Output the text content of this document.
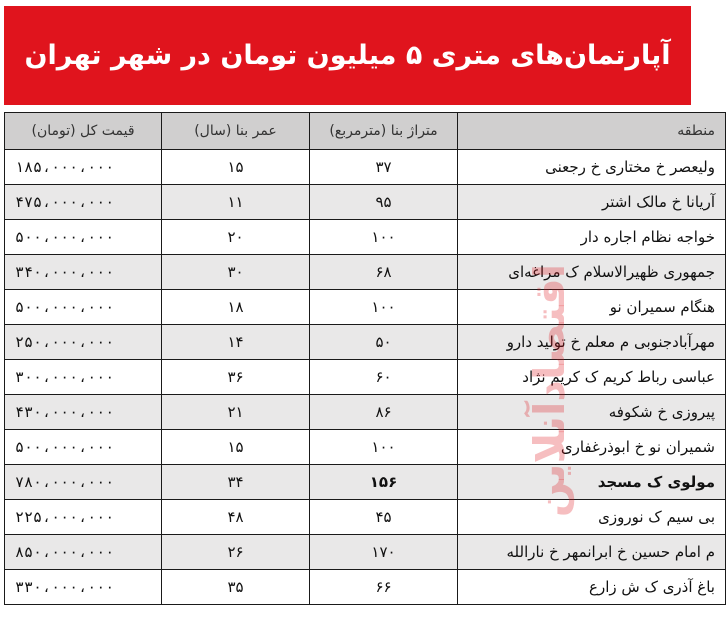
آپارتمان‌های متری ۵ میلیون تومان در شهر تهران
منطقه	متراژ بنا (مترمربع)	عمر بنا (سال)	قیمت کل (تومان)
ولیعصر خ مختاری خ رجعنی	۳۷	۱۵	۱۸۵،۰۰۰،۰۰۰
آریانا خ مالک اشتر	۹۵	۱۱	۴۷۵،۰۰۰،۰۰۰
خواجه نظام اجاره دار	۱۰۰	۲۰	۵۰۰،۰۰۰،۰۰۰
جمهوری ظهیرالاسلام ک مراغه‌ای	۶۸	۳۰	۳۴۰،۰۰۰،۰۰۰
هنگام سمیران نو	۱۰۰	۱۸	۵۰۰،۰۰۰،۰۰۰
مهرآبادجنوبی م معلم خ تولید دارو	۵۰	۱۴	۲۵۰،۰۰۰،۰۰۰
عباسی رباط کریم ک کریم نژاد	۶۰	۳۶	۳۰۰،۰۰۰،۰۰۰
پیروزی خ شکوفه	۸۶	۲۱	۴۳۰،۰۰۰،۰۰۰
شمیران نو خ ابوذرغفاری	۱۰۰	۱۵	۵۰۰،۰۰۰،۰۰۰
مولوی ک مسجد	۱۵۶	۳۴	۷۸۰،۰۰۰،۰۰۰
بی سیم ک نوروزی	۴۵	۴۸	۲۲۵،۰۰۰،۰۰۰
م امام حسین خ ابرانمهر خ نارالله	۱۷۰	۲۶	۸۵۰،۰۰۰،۰۰۰
باغ آذری ک ش زارع	۶۶	۳۵	۳۳۰،۰۰۰،۰۰۰
اقتصادآنلاین
